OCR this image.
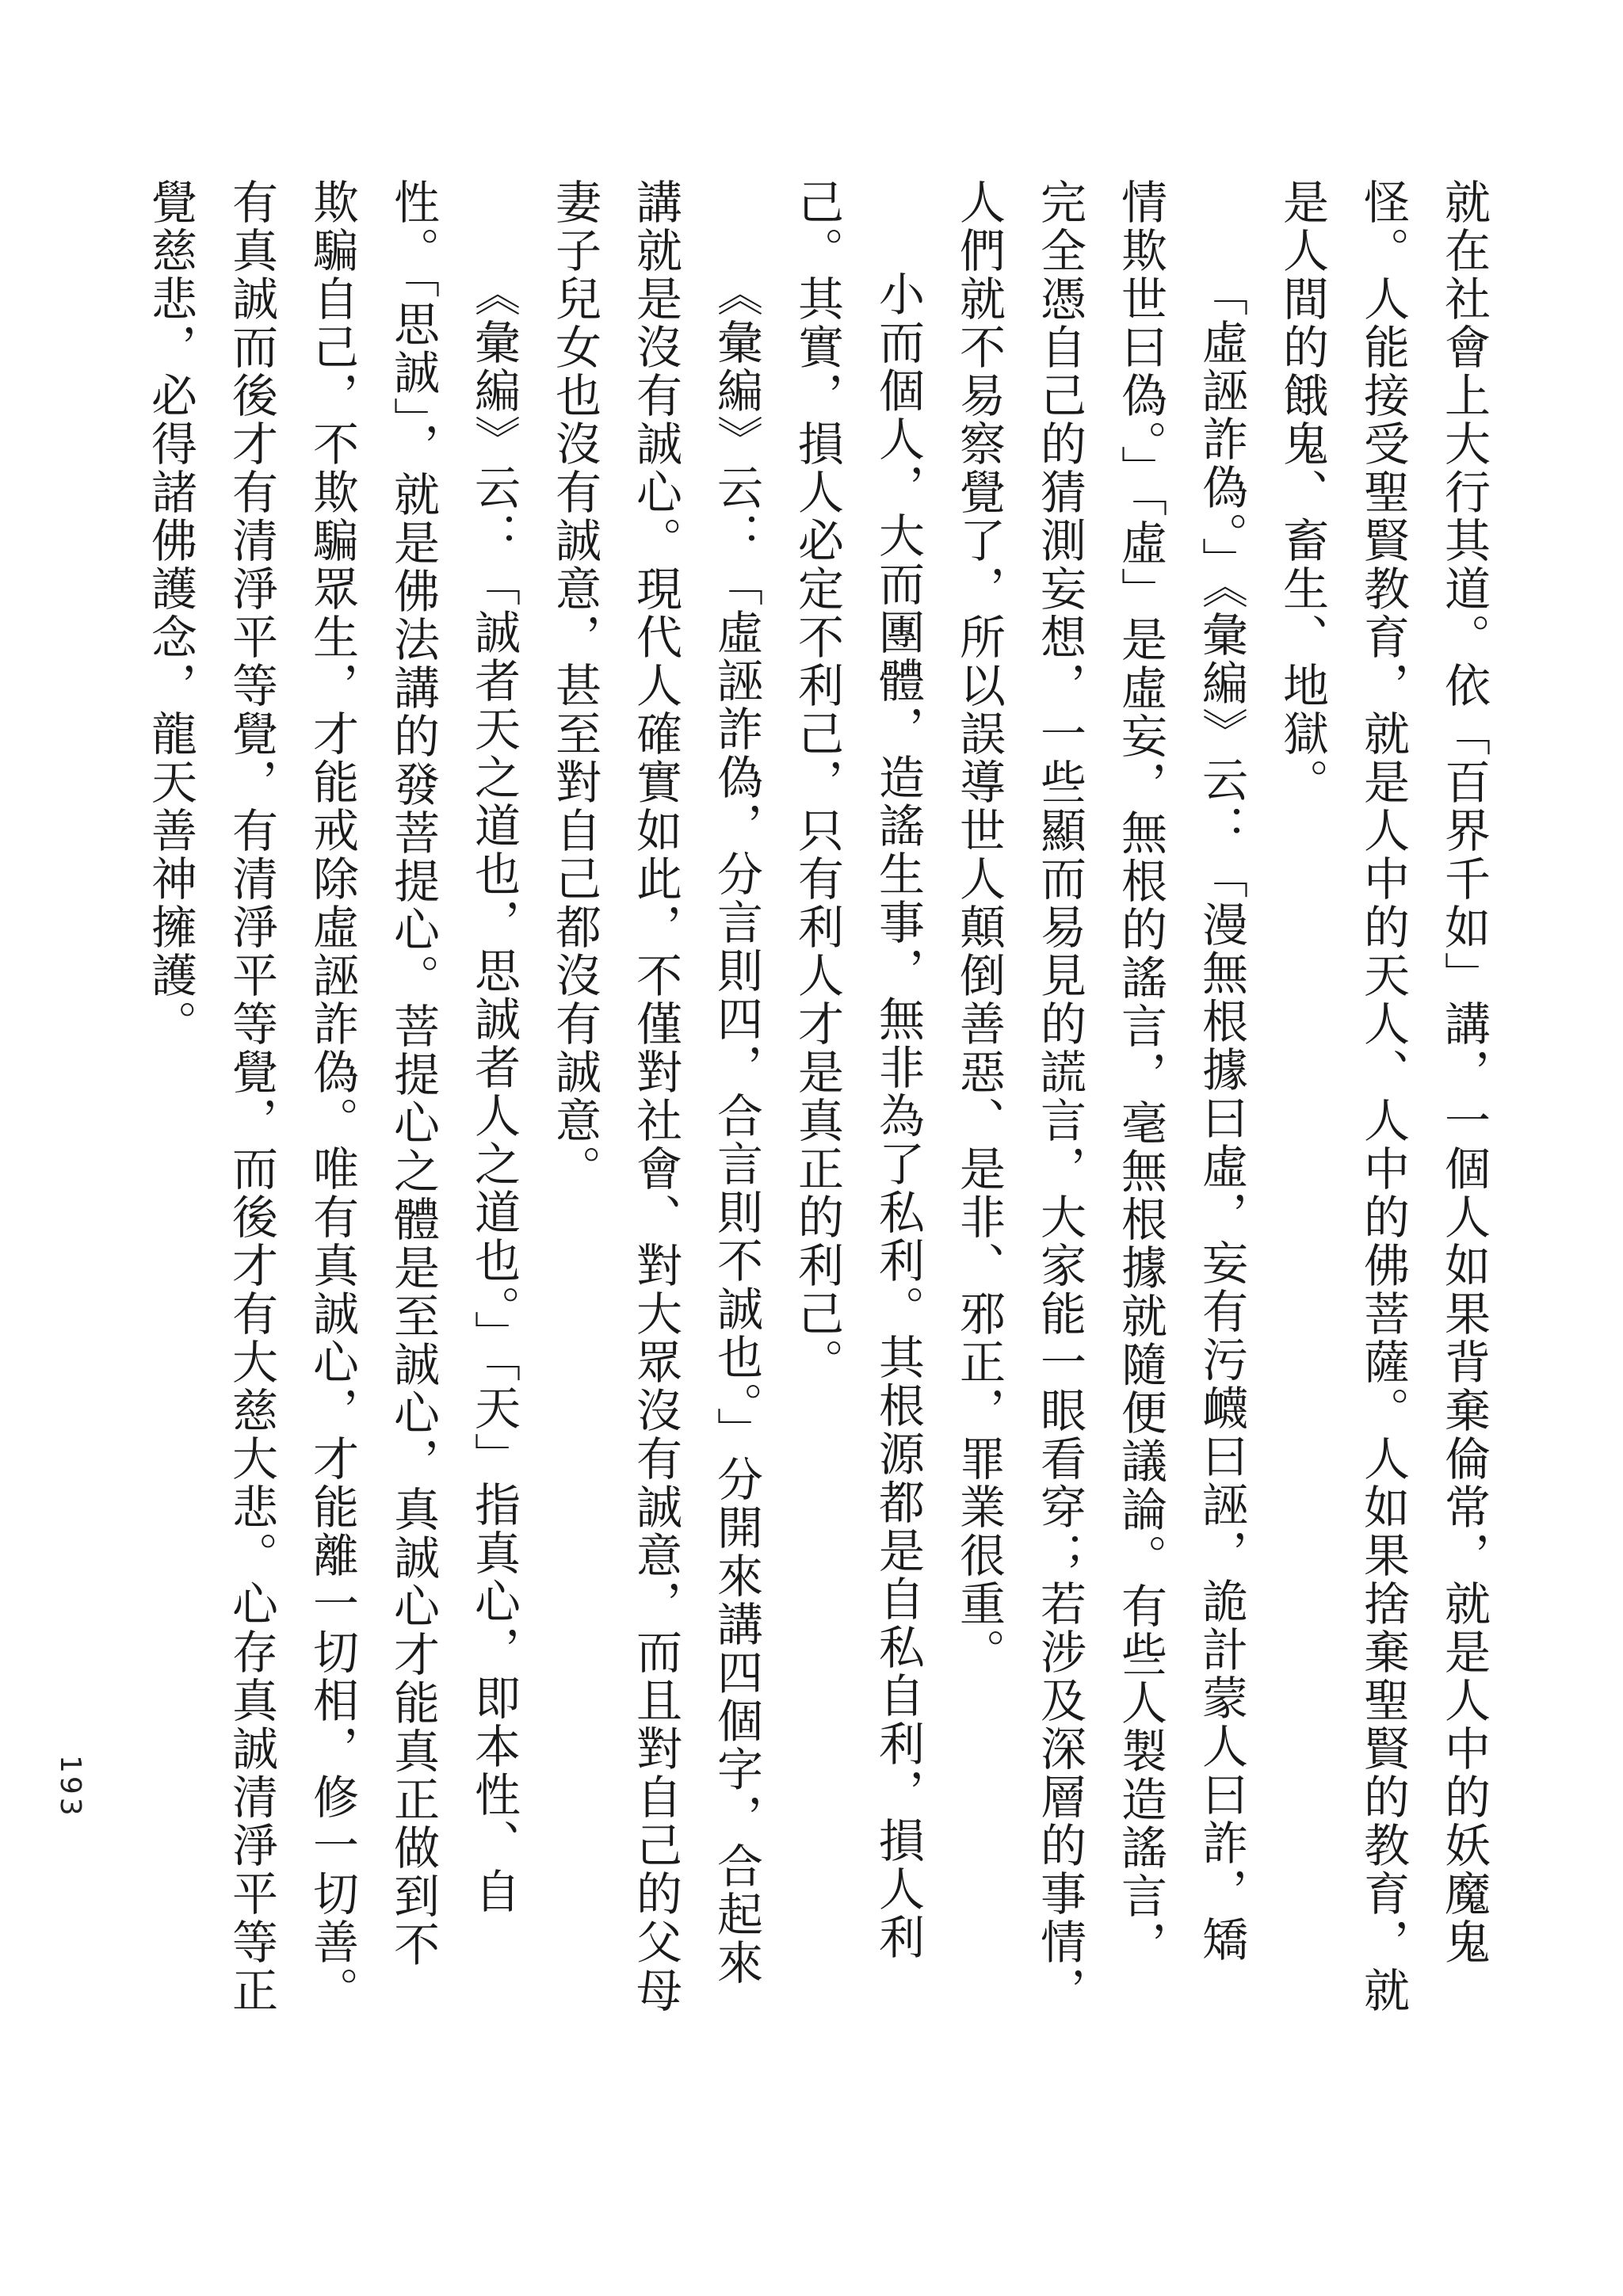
就在社會上大行其道。依「百界千如」講，一個人如果背棄倫常，就是人中的妖魔鬼
怪。人能接受聖賢教育，就是人中的天人、人中的佛菩薩。人如果捨棄聖賢的教育，就
是人間的餓鬼、畜生、地獄。
「虛誣詐偽。」《彙編》云：「漫無根據曰虛，妄有污衊曰誣，詭計蒙人曰詐，矯
情欺世曰偽。」「虛」是虛妄，無根的謠言，毫無根據就隨便議論。有些人製造謠言，
完全憑自己的猜測妄想，一些顯而易見的謊言，大家能一眼看穿；若涉及深層的事情，
人們就不易察覺了，所以誤導世人顛倒善惡、是非、邪正，罪業很重。
小而個人，大而團體，造謠生事，無非為了私利。其根源都是自私自利，損人利
己。其實，損人必定不利己，只有利人才是真正的利己。
《彙編》云：「虛誣詐偽，分言則四，合言則不誠也。」分開來講四個字，合起來
講就是沒有誠心。現代人確實如此，不僅對社會、對大眾沒有誠意，而且對自己的父母
妻子兒女也沒有誠意，甚至對自己都沒有誠意。
《彙編》云：「誠者天之道也，思誠者人之道也。」「天」指真心，即本性、自
性。「思誠」，就是佛法講的發菩提心。菩提心之體是至誠心，真誠心才能真正做到不
欺騙自己，不欺騙眾生，才能戒除虛誣詐偽。唯有真誠心，才能離一切相，修一切善。
有真誠而後才有清淨平等覺，有清淨平等覺，而後才有大慈大悲。心存真誠清淨平等正
覺慈悲，必得諸佛護念，龍天善神擁護。
193
